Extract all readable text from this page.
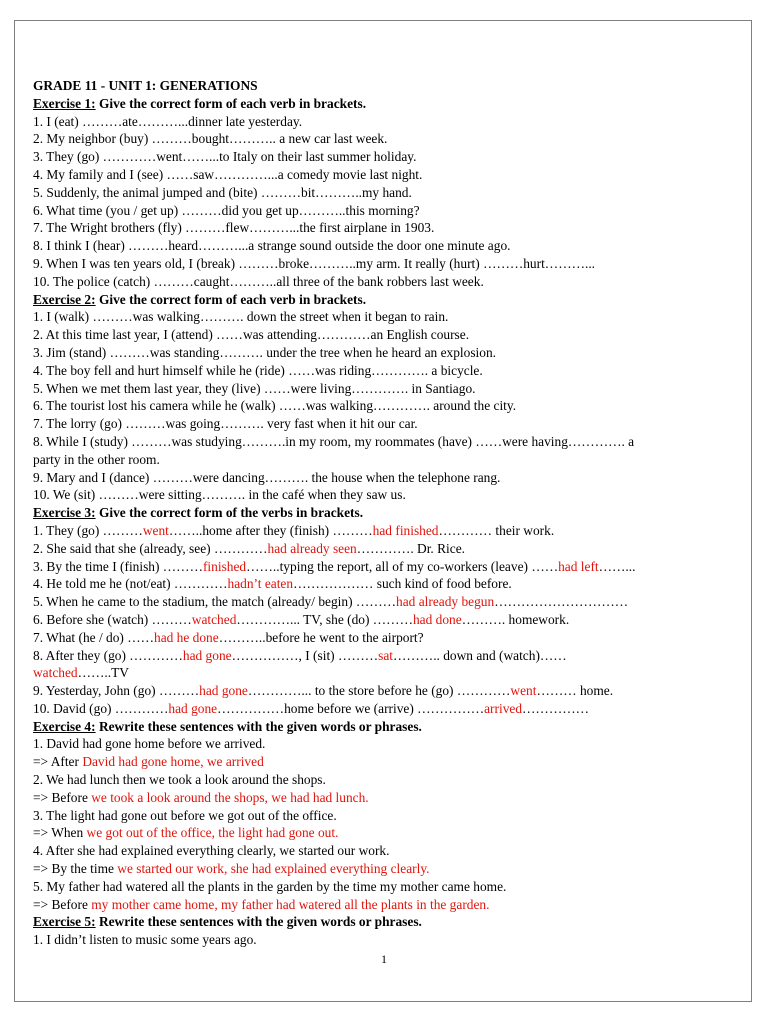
GRADE 11 - UNIT 1: GENERATIONS

Exercise 1: Give the correct form of each verb in brackets.

1. I (eat) ………ate………...dinner late yesterday.

2. My neighbor (buy) ………bought……….. a new car last week.

3. They (go) …………went……...to Italy on their last summer holiday.

4. My family and I (see) ……saw…………...a comedy movie last night.

5. Suddenly, the animal jumped and (bite) ………bit………..my hand.

6. What time (you / get up) ………did you get up………..this morning?

7. The Wright brothers (fly) ………flew………...the first airplane in 1903.

8. I think I (hear) ………heard………...a strange sound outside the door one minute ago.

9. When I was ten years old, I (break) ………broke………..my arm. It really (hurt) ………hurt………...

10. The police (catch) ………caught………..all three of the bank robbers last week.

Exercise 2: Give the correct form of each verb in brackets.

1. I (walk) ………was walking………. down the street when it began to rain.

2. At this time last year, I (attend) ……was attending…………an English course.

3. Jim (stand) ………was standing………. under the tree when he heard an explosion.

4. The boy fell and hurt himself while he (ride) ……was riding…………. a bicycle.

5. When we met them last year, they (live) ……were living…………. in Santiago.

6. The tourist lost his camera while he (walk) ……was walking…………. around the city.

7. The lorry (go) ………was going………. very fast when it hit our car.

8. While I (study) ………was studying……….in my room, my roommates (have) ……were having…………. a

party in the other room.

9. Mary and I (dance) ………were dancing………. the house when the telephone rang.

10. We (sit) ………were sitting………. in the café when they saw us.

Exercise 3: Give the correct form of the verbs in brackets.

1. They (go) ………went……..home after they (finish) ………had finished………… their work.

2. She said that she (already, see) …………had already seen…………. Dr. Rice.

3. By the time I (finish) ………finished……..typing the report, all of my co-workers (leave) ……had left……...

4. He told me he (not/eat) …………hadn’t eaten……………… such kind of food before.

5. When he came to the stadium, the match (already/ begin) ………had already begun…………………………

6. Before she (watch) ………watched…………... TV, she (do) ………had done………. homework.

7. What (he / do) ……had he done………..before he went to the airport?

8. After they (go) …………had gone……………, I (sit) ………sat……….. down and (watch)……

watched……..TV

9. Yesterday, John (go) ………had gone…………... to the store before he (go) …………went……… home.

10. David (go) …………had gone……………home before we (arrive) ……………arrived……………

Exercise 4: Rewrite these sentences with the given words or phrases.

1. David had gone home before we arrived.

=> After David had gone home, we arrived

2. We had lunch then we took a look around the shops.

=> Before we took a look around the shops, we had had lunch.

3. The light had gone out before we got out of the office.

=> When we got out of the office, the light had gone out.

4. After she had explained everything clearly, we started our work.

=> By the time we started our work, she had explained everything clearly.

5. My father had watered all the plants in the garden by the time my mother came home.

=> Before my mother came home, my father had watered all the plants in the garden.

Exercise 5: Rewrite these sentences with the given words or phrases.

1. I didn’t listen to music some years ago.

1
